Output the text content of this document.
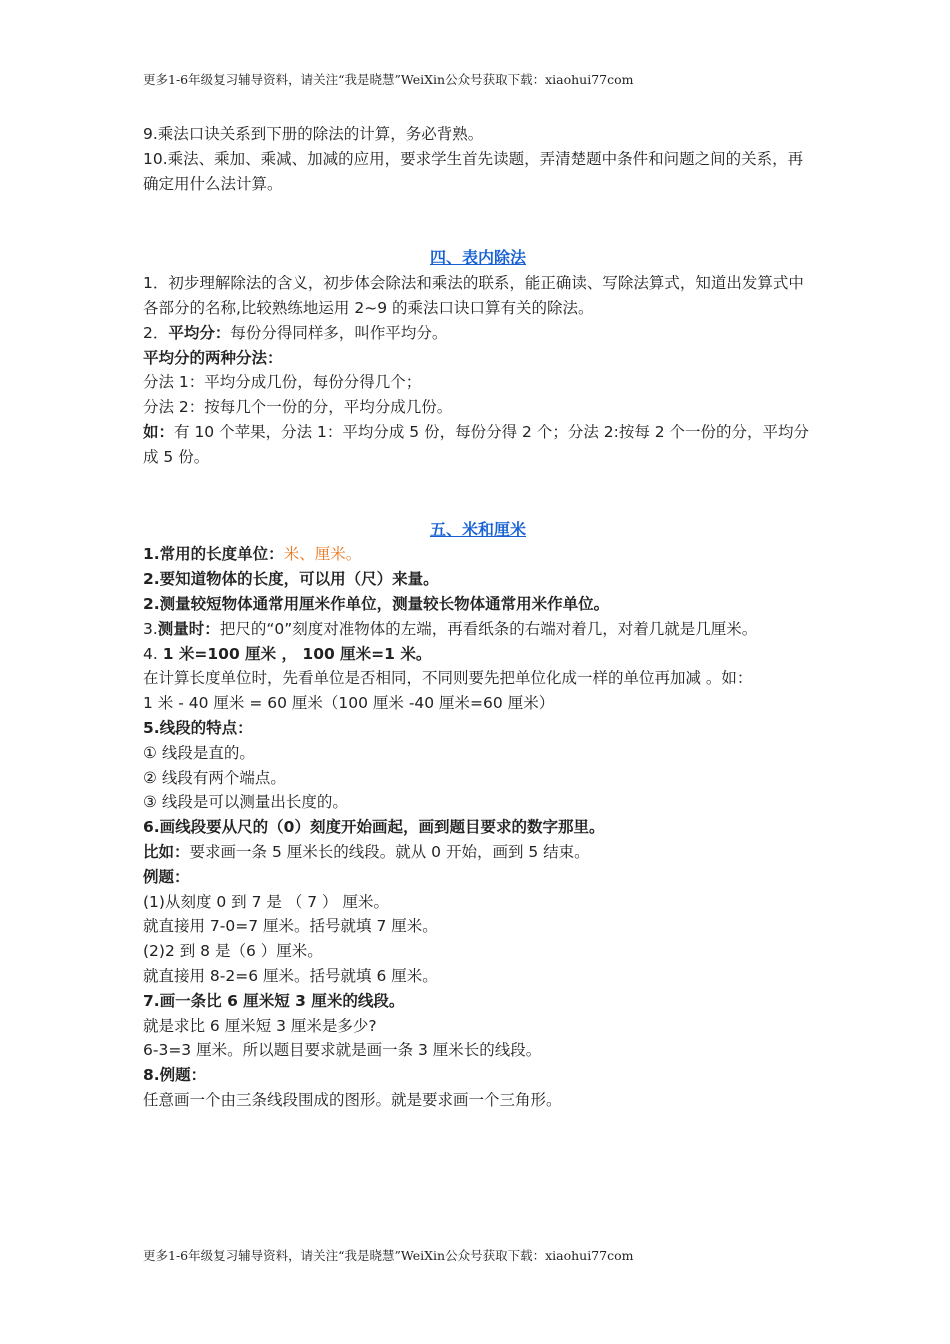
更多1-6年级复习辅导资料，请关注“我是晓慧”WeiXin公众号获取下载：xiaohui77com

9.乘法口诀关系到下册的除法的计算，务必背熟。

10.乘法、乘加、乘减、加减的应用，要求学生首先读题，弄清楚题中条件和问题之间的关系，再确定用什么法计算。

四、表内除法

1．初步理解除法的含义，初步体会除法和乘法的联系，能正确读、写除法算式，知道出发算式中各部分的名称,比较熟练地运用 2~9 的乘法口诀口算有关的除法。

2．平均分：每份分得同样多，叫作平均分。

平均分的两种分法：

分法 1：平均分成几份，每份分得几个；

分法 2：按每几个一份的分，平均分成几份。

如：有 10 个苹果，分法 1：平均分成 5 份，每份分得 2 个；分法 2:按每 2 个一份的分，平均分成 5 份。

五、米和厘米

1.常用的长度单位：米、厘米。

2.要知道物体的长度，可以用（尺）来量。

2.测量较短物体通常用厘米作单位，测量较长物体通常用米作单位。

3.测量时：把尺的“0”刻度对准物体的左端，再看纸条的右端对着几，对着几就是几厘米。

4. 1 米=100 厘米 ， 100 厘米=1 米。

在计算长度单位时，先看单位是否相同，不同则要先把单位化成一样的单位再加减 。如：

1 米 - 40 厘米 = 60 厘米（100 厘米 -40 厘米=60 厘米）

5.线段的特点：

① 线段是直的。

② 线段有两个端点。

③ 线段是可以测量出长度的。

6.画线段要从尺的（0）刻度开始画起，画到题目要求的数字那里。

比如：要求画一条 5 厘米长的线段。就从 0 开始，画到 5 结束。

例题：

(1)从刻度 0 到 7 是 （ 7 ） 厘米。

就直接用 7-0=7 厘米。括号就填 7 厘米。

(2)2 到 8 是（6 ）厘米。

就直接用 8-2=6 厘米。括号就填 6 厘米。

7.画一条比 6 厘米短 3 厘米的线段。

就是求比 6 厘米短 3 厘米是多少?

6-3=3 厘米。所以题目要求就是画一条 3 厘米长的线段。

8.例题：

任意画一个由三条线段围成的图形。就是要求画一个三角形。

更多1-6年级复习辅导资料，请关注“我是晓慧”WeiXin公众号获取下载：xiaohui77com
